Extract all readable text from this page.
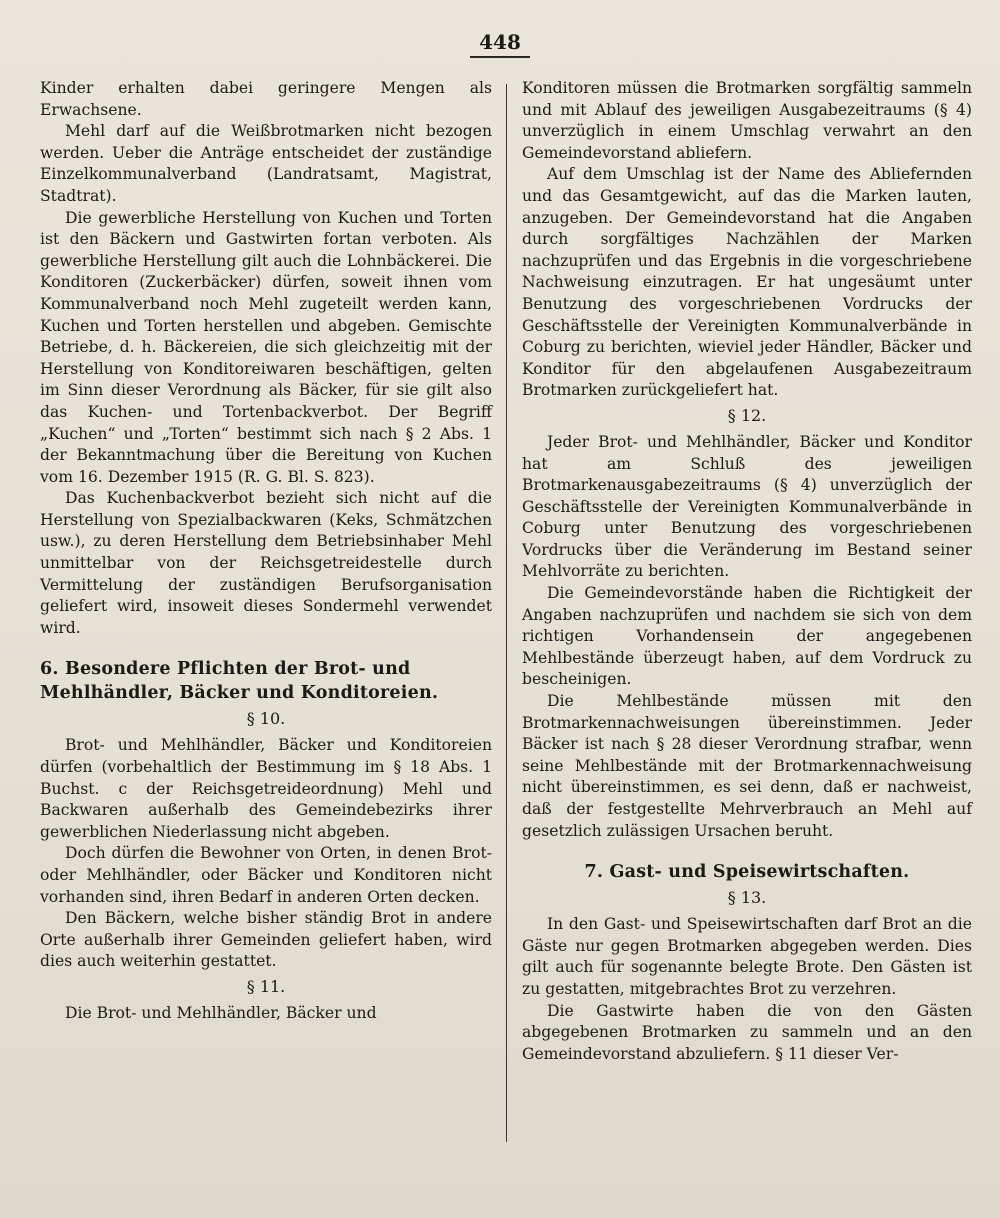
448

Kinder erhalten dabei geringere Mengen als Erwachsene.

Mehl darf auf die Weißbrotmarken nicht bezogen werden. Ueber die Anträge entscheidet der zuständige Einzelkommunalverband (Landratsamt, Magistrat, Stadtrat).

Die gewerbliche Herstellung von Kuchen und Torten ist den Bäckern und Gastwirten fortan verboten. Als gewerbliche Herstellung gilt auch die Lohnbäckerei. Die Konditoren (Zuckerbäcker) dürfen, soweit ihnen vom Kommunalverband noch Mehl zugeteilt werden kann, Kuchen und Torten herstellen und abgeben. Gemischte Betriebe, d. h. Bäckereien, die sich gleichzeitig mit der Herstellung von Konditoreiwaren beschäftigen, gelten im Sinn dieser Verordnung als Bäcker, für sie gilt also das Kuchen- und Tortenbackverbot. Der Begriff „Kuchen“ und „Torten“ bestimmt sich nach § 2 Abs. 1 der Bekanntmachung über die Bereitung von Kuchen vom 16. Dezember 1915 (R. G. Bl. S. 823).

Das Kuchenbackverbot bezieht sich nicht auf die Herstellung von Spezialbackwaren (Keks, Schmätzchen usw.), zu deren Herstellung dem Betriebsinhaber Mehl unmittelbar von der Reichsgetreidestelle durch Vermittelung der zuständigen Berufsorganisation geliefert wird, insoweit dieses Sondermehl verwendet wird.

6. Besondere Pflichten der Brot- und Mehlhändler, Bäcker und Konditoreien.
§ 10.

Brot- und Mehlhändler, Bäcker und Konditoreien dürfen (vorbehaltlich der Bestimmung im § 18 Abs. 1 Buchst. c der Reichsgetreideordnung) Mehl und Backwaren außerhalb des Gemeindebezirks ihrer gewerblichen Niederlassung nicht abgeben.

Doch dürfen die Bewohner von Orten, in denen Brot- oder Mehlhändler, oder Bäcker und Konditoren nicht vorhanden sind, ihren Bedarf in anderen Orten decken.

Den Bäckern, welche bisher ständig Brot in andere Orte außerhalb ihrer Gemeinden geliefert haben, wird dies auch weiterhin gestattet.

§ 11.

Die Brot- und Mehlhändler, Bäcker und

Konditoren müssen die Brotmarken sorgfältig sammeln und mit Ablauf des jeweiligen Ausgabezeitraums (§ 4) unverzüglich in einem Umschlag verwahrt an den Gemeindevorstand abliefern.

Auf dem Umschlag ist der Name des Abliefernden und das Gesamtgewicht, auf das die Marken lauten, anzugeben. Der Gemeindevorstand hat die Angaben durch sorgfältiges Nachzählen der Marken nachzuprüfen und das Ergebnis in die vorgeschriebene Nachweisung einzutragen. Er hat ungesäumt unter Benutzung des vorgeschriebenen Vordrucks der Geschäftsstelle der Vereinigten Kommunalverbände in Coburg zu berichten, wieviel jeder Händler, Bäcker und Konditor für den abgelaufenen Ausgabezeitraum Brotmarken zurückgeliefert hat.

§ 12.

Jeder Brot- und Mehlhändler, Bäcker und Konditor hat am Schluß des jeweiligen Brotmarkenausgabezeitraums (§ 4) unverzüglich der Geschäftsstelle der Vereinigten Kommunalverbände in Coburg unter Benutzung des vorgeschriebenen Vordrucks über die Veränderung im Bestand seiner Mehlvorräte zu berichten.

Die Gemeindevorstände haben die Richtigkeit der Angaben nachzuprüfen und nachdem sie sich von dem richtigen Vorhandensein der angegebenen Mehlbestände überzeugt haben, auf dem Vordruck zu bescheinigen.

Die Mehlbestände müssen mit den Brotmarkennachweisungen übereinstimmen. Jeder Bäcker ist nach § 28 dieser Verordnung strafbar, wenn seine Mehlbestände mit der Brotmarkennachweisung nicht übereinstimmen, es sei denn, daß er nachweist, daß der festgestellte Mehrverbrauch an Mehl auf gesetzlich zulässigen Ursachen beruht.

7. Gast- und Speisewirtschaften.
§ 13.

In den Gast- und Speisewirtschaften darf Brot an die Gäste nur gegen Brotmarken abgegeben werden. Dies gilt auch für sogenannte belegte Brote. Den Gästen ist zu gestatten, mitgebrachtes Brot zu verzehren.

Die Gastwirte haben die von den Gästen abgegebenen Brotmarken zu sammeln und an den Gemeindevorstand abzuliefern. § 11 dieser Ver-
